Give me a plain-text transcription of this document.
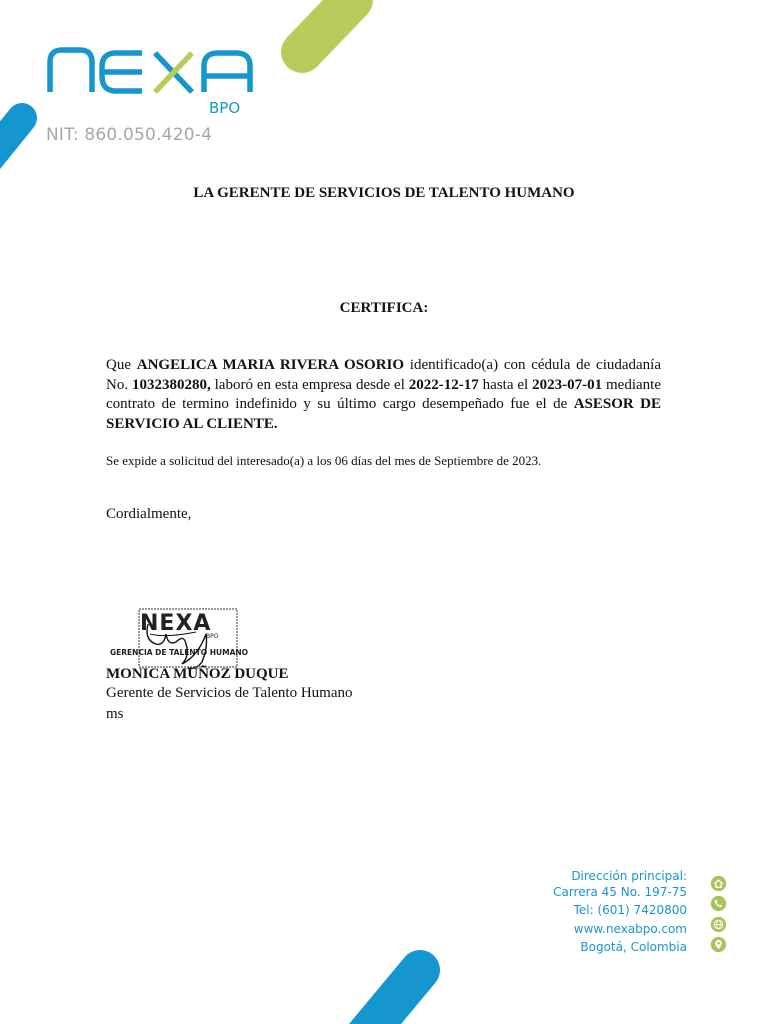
BPO
NIT: 860.050.420-4
LA GERENTE DE SERVICIOS DE TALENTO HUMANO
CERTIFICA:
Que ANGELICA MARIA RIVERA OSORIO identificado(a) con cédula de ciudadanía No. 1032380280, laboró en esta empresa desde el 2022-12-17 hasta el 2023-07-01 mediante contrato de termino indefinido y su último cargo desempeñado fue el de ASESOR DE SERVICIO AL CLIENTE.
Se expide a solicitud del interesado(a) a los 06 días del mes de Septiembre de 2023.
Cordialmente,
NEXA
BPO
GERENCIA DE TALENTO HUMANO
MONICA MUÑOZ DUQUE
Gerente de Servicios de Talento Humano
ms
Dirección principal:
Carrera 45 No. 197-75
Tel: (601) 7420800
www.nexabpo.com
Bogotá, Colombia
